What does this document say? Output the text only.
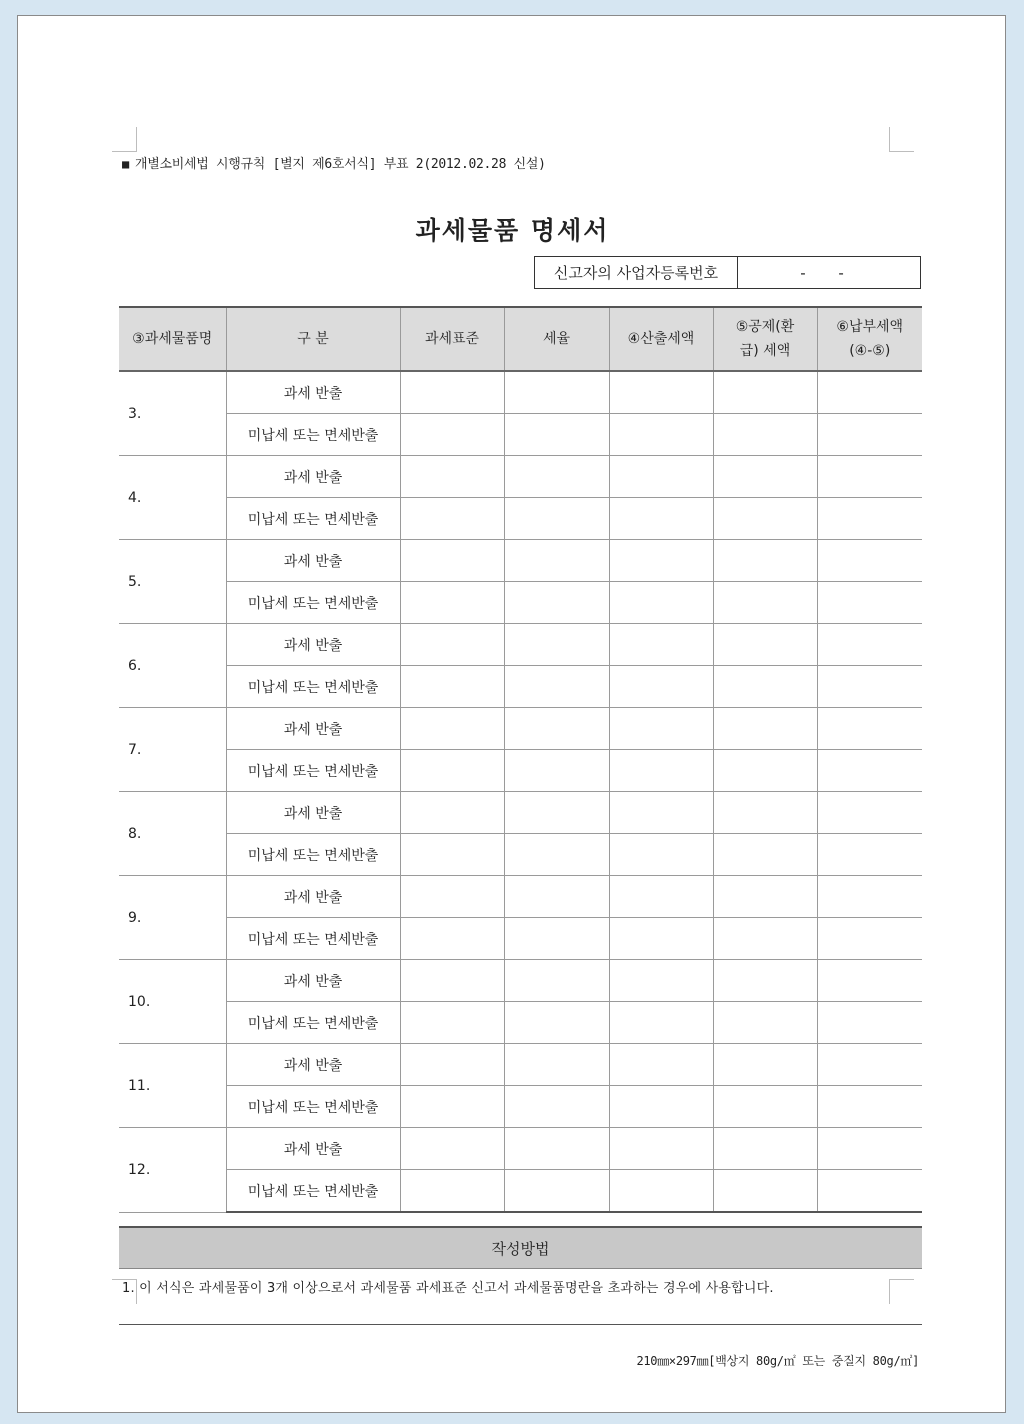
■ 개별소비세법 시행규칙 [별지 제6호서식] 부표 2(2012.02.28 신설)
과세물품 명세서
신고자의 사업자등록번호	- -
③과세물품명	구 분	과세표준	세율	④산출세액	⑤공제(환급) 세액	⑥납부세액 (④-⑤)
3.	과세 반출					
	미납세 또는 면세반출					
4.	과세 반출					
	미납세 또는 면세반출					
5.	과세 반출					
	미납세 또는 면세반출					
6.	과세 반출					
	미납세 또는 면세반출					
7.	과세 반출					
	미납세 또는 면세반출					
8.	과세 반출					
	미납세 또는 면세반출					
9.	과세 반출					
	미납세 또는 면세반출					
10.	과세 반출					
	미납세 또는 면세반출					
11.	과세 반출					
	미납세 또는 면세반출					
12.	과세 반출					
	미납세 또는 면세반출					
작성방법
1. 이 서식은 과세물품이 3개 이상으로서 과세물품 과세표준 신고서 과세물품명란을 초과하는 경우에 사용합니다.
210㎜×297㎜[백상지 80g/㎡ 또는 중질지 80g/㎡]
